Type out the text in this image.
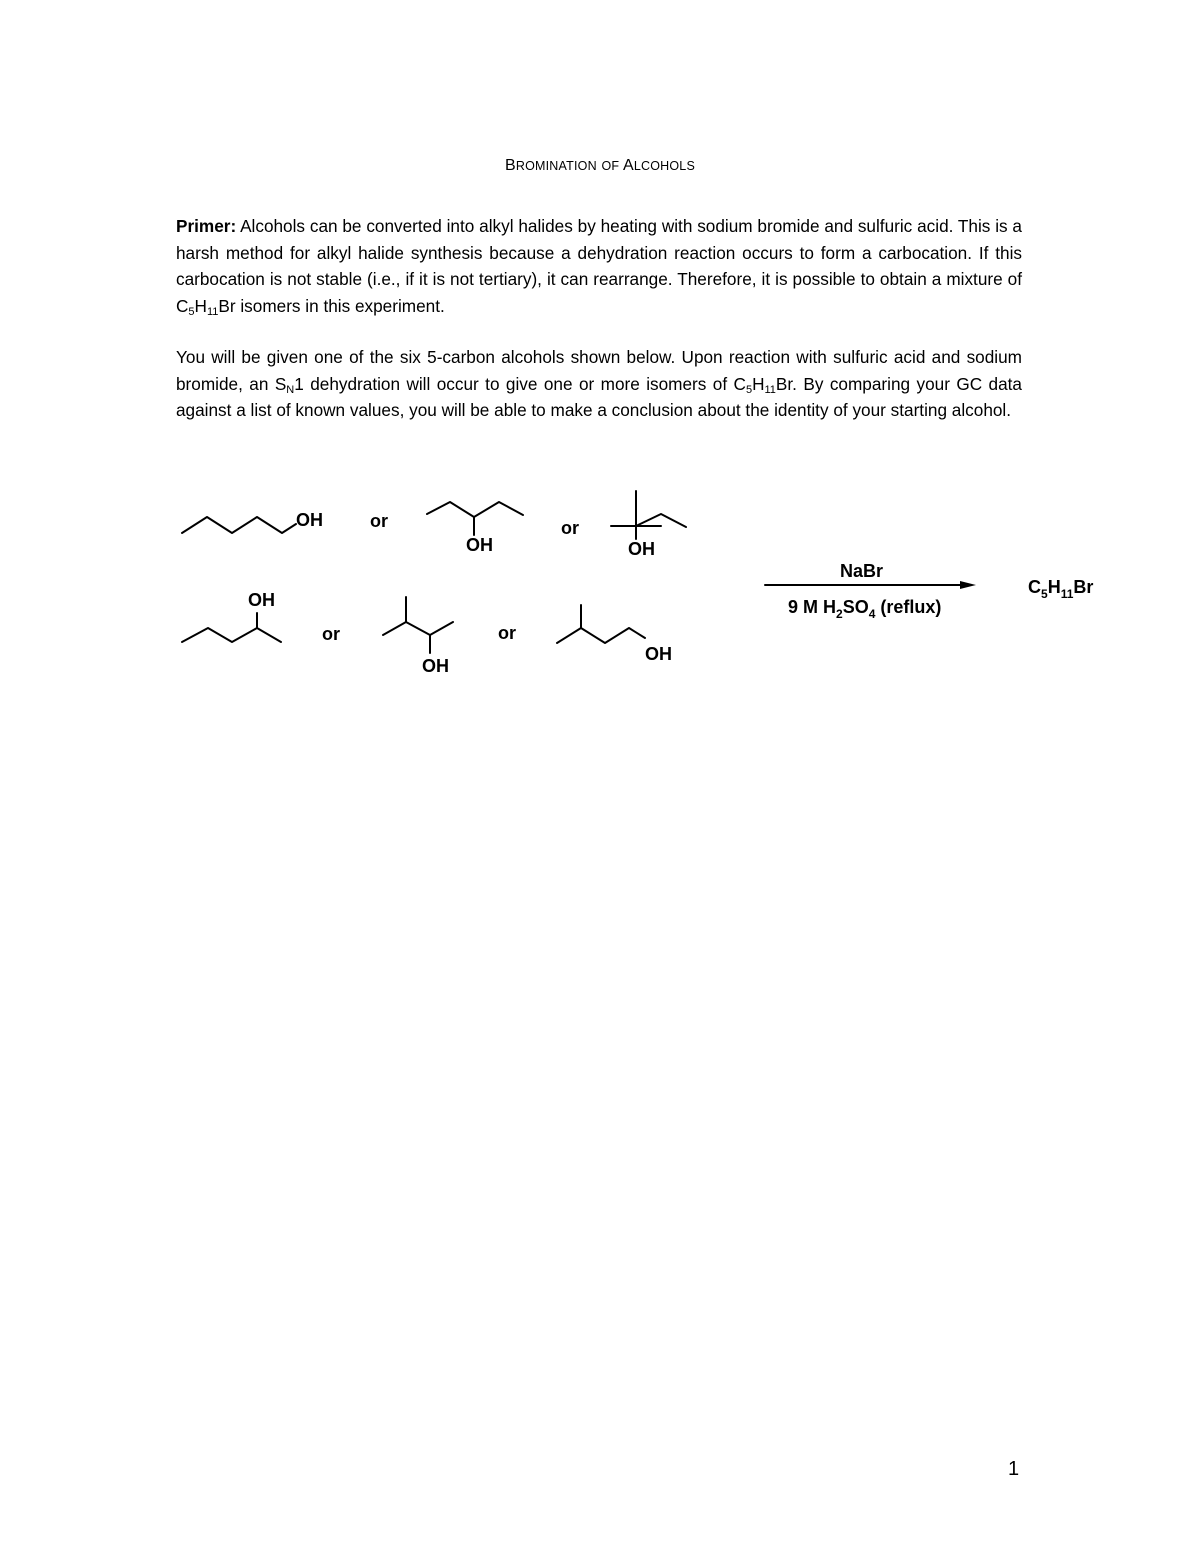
BROMINATION OF ALCOHOLS
Primer: Alcohols can be converted into alkyl halides by heating with sodium bromide and sulfuric acid. This is a harsh method for alkyl halide synthesis because a dehydration reaction occurs to form a carbocation. If this carbocation is not stable (i.e., if it is not tertiary), it can rearrange. Therefore, it is possible to obtain a mixture of $C_5H_{11}Br$ isomers in this experiment.
You will be given one of the six 5-carbon alcohols shown below. Upon reaction with sulfuric acid and sodium bromide, an $S_N1$ dehydration will occur to give one or more isomers of $C_5H_{11}Br$. By comparing your GC data against a list of known values, you will be able to make a conclusion about the identity of your starting alcohol.
OH	or
OH
or
OH
OH
or	or
OH
OH
NaBr
9 M $H_2SO_4$ (reflux)
$C_5H_{11}Br$
1
